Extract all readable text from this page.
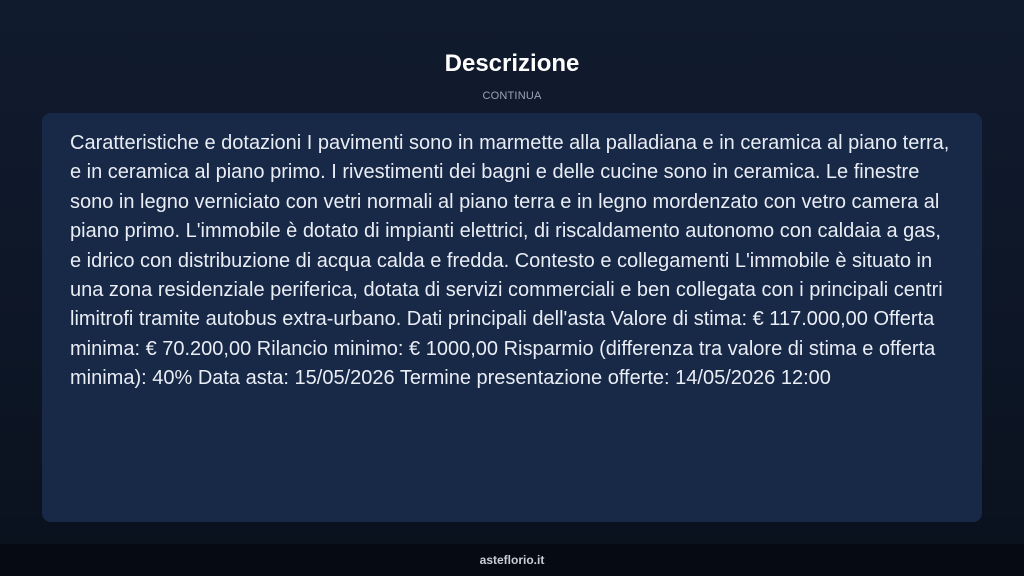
Descrizione
CONTINUA

Caratteristiche e dotazioni I pavimenti sono in marmette alla palladiana e in ceramica al piano terra, e in ceramica al piano primo. I rivestimenti dei bagni e delle cucine sono in ceramica. Le finestre sono in legno verniciato con vetri normali al piano terra e in legno mordenzato con vetro camera al piano primo. L'immobile è dotato di impianti elettrici, di riscaldamento autonomo con caldaia a gas, e idrico con distribuzione di acqua calda e fredda. Contesto e collegamenti L'immobile è situato in una zona residenziale periferica, dotata di servizi commerciali e ben collegata con i principali centri limitrofi tramite autobus extra-urbano. Dati principali dell'asta Valore di stima: € 117.000,00 Offerta minima: € 70.200,00 Rilancio minimo: € 1000,00 Risparmio (differenza tra valore di stima e offerta minima): 40% Data asta: 15/05/2026 Termine presentazione offerte: 14/05/2026 12:00

asteflorio.it
